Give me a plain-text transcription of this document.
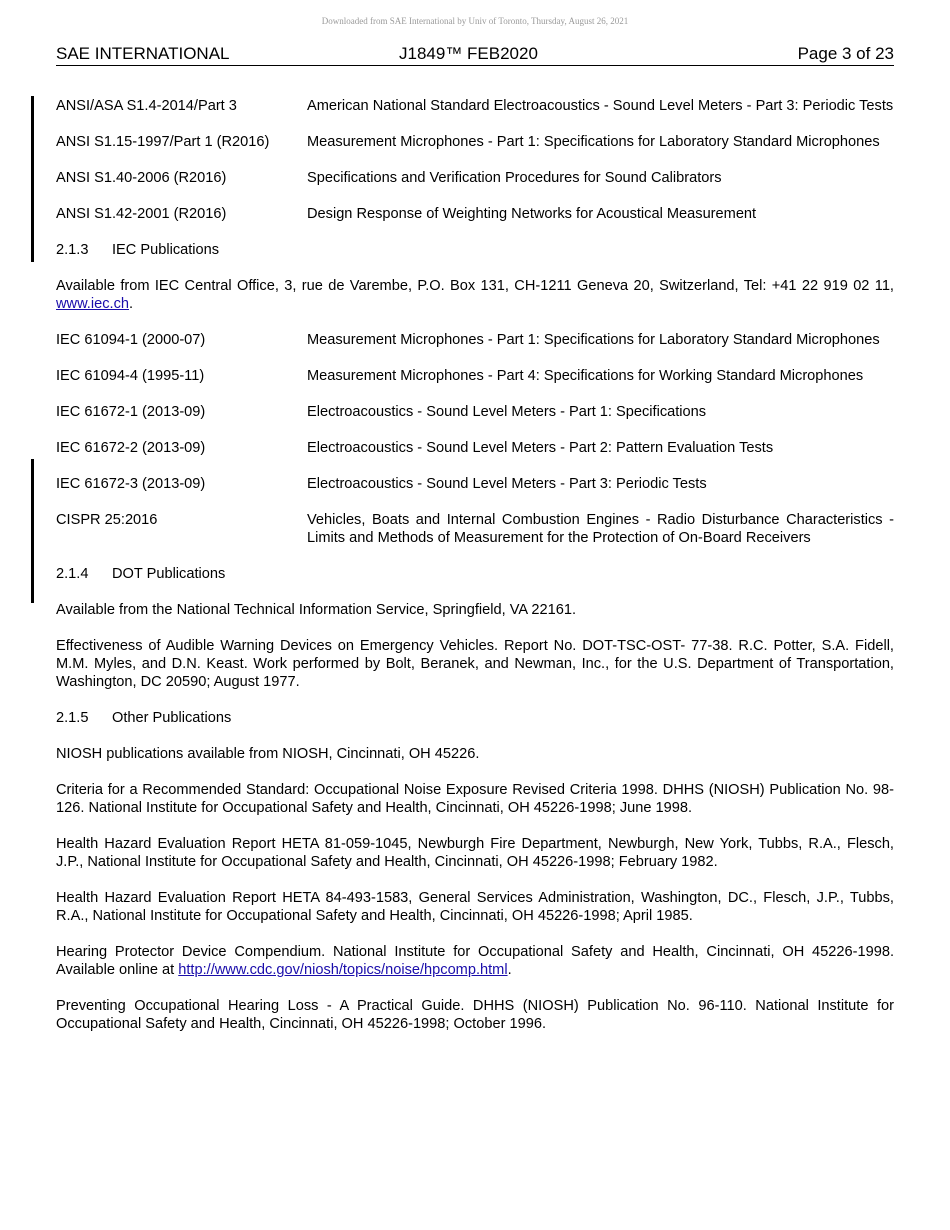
Downloaded from SAE International by Univ of Toronto, Thursday, August 26, 2021
SAE INTERNATIONAL	J1849™ FEB2020	Page 3 of 23
ANSI/ASA S1.4-2014/Part 3	American National Standard Electroacoustics - Sound Level Meters - Part 3: Periodic Tests
ANSI S1.15-1997/Part 1 (R2016)	Measurement Microphones - Part 1: Specifications for Laboratory Standard Microphones
ANSI S1.40-2006 (R2016)	Specifications and Verification Procedures for Sound Calibrators
ANSI S1.42-2001 (R2016)	Design Response of Weighting Networks for Acoustical Measurement
2.1.3	IEC Publications

Available from IEC Central Office, 3, rue de Varembe, P.O. Box 131, CH-1211 Geneva 20, Switzerland, Tel: +41 22 919 02 11, www.iec.ch.

IEC 61094-1 (2000-07)	Measurement Microphones - Part 1: Specifications for Laboratory Standard Microphones
IEC 61094-4 (1995-11)	Measurement Microphones - Part 4: Specifications for Working Standard Microphones
IEC 61672-1 (2013-09)	Electroacoustics - Sound Level Meters - Part 1: Specifications
IEC 61672-2 (2013-09)	Electroacoustics - Sound Level Meters - Part 2: Pattern Evaluation Tests
IEC 61672-3 (2013-09)	Electroacoustics - Sound Level Meters - Part 3: Periodic Tests
CISPR 25:2016	Vehicles, Boats and Internal Combustion Engines - Radio Disturbance Characteristics - Limits and Methods of Measurement for the Protection of On-Board Receivers
2.1.4	DOT Publications

Available from the National Technical Information Service, Springfield, VA 22161.

Effectiveness of Audible Warning Devices on Emergency Vehicles. Report No. DOT-TSC-OST- 77-38. R.C. Potter, S.A. Fidell, M.M. Myles, and D.N. Keast. Work performed by Bolt, Beranek, and Newman, Inc., for the U.S. Department of Transportation, Washington, DC 20590; August 1977.

2.1.5	Other Publications

NIOSH publications available from NIOSH, Cincinnati, OH 45226.

Criteria for a Recommended Standard: Occupational Noise Exposure Revised Criteria 1998. DHHS (NIOSH) Publication No. 98-126. National Institute for Occupational Safety and Health, Cincinnati, OH 45226-1998; June 1998.

Health Hazard Evaluation Report HETA 81-059-1045, Newburgh Fire Department, Newburgh, New York, Tubbs, R.A., Flesch, J.P., National Institute for Occupational Safety and Health, Cincinnati, OH 45226-1998; February 1982.

Health Hazard Evaluation Report HETA 84-493-1583, General Services Administration, Washington, DC., Flesch, J.P., Tubbs, R.A., National Institute for Occupational Safety and Health, Cincinnati, OH 45226-1998; April 1985.

Hearing Protector Device Compendium. National Institute for Occupational Safety and Health, Cincinnati, OH 45226-1998. Available online at http://www.cdc.gov/niosh/topics/noise/hpcomp.html.

Preventing Occupational Hearing Loss - A Practical Guide. DHHS (NIOSH) Publication No. 96-110. National Institute for Occupational Safety and Health, Cincinnati, OH 45226-1998; October 1996.
